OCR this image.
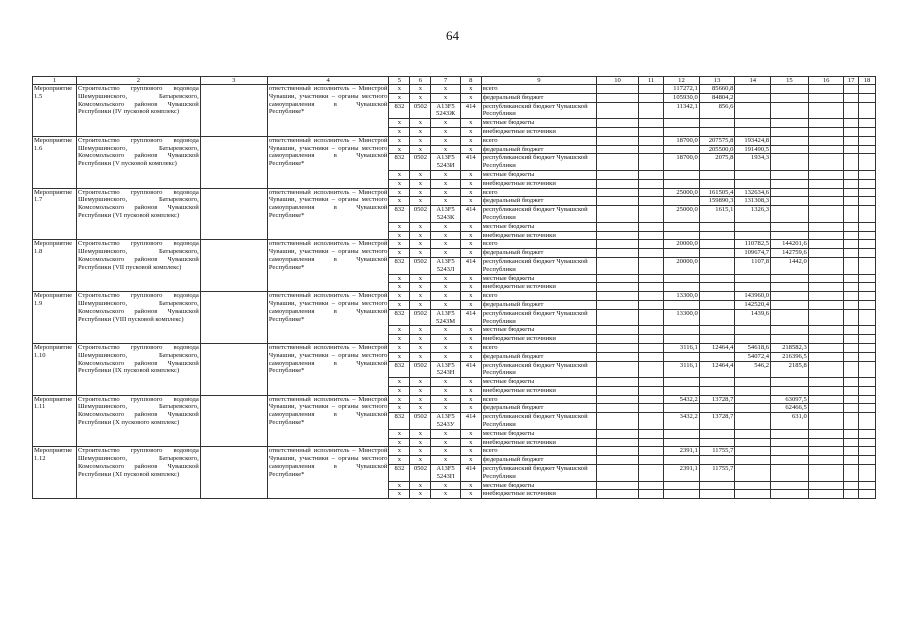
64
1	2	3	4	5	6	7	8	9	10	11	12	13	14	15	16	17	18
Мероприятие 1.5	Строительство группового водовода Шемуршинского, Батыревского, Комсомольского районов Чувашской Республики (IV пусковой комплекс)		ответственный исполнитель – Минстрой Чувашии, участники – органы местного самоуправления в Чувашской Республике*	x	x	x	x	всего			117272,1	85660,8					
				x	x	x	x	федеральный бюджет			105930,0	84804,2					
				832	0502	А13F5 5243Ж	414	республиканский бюджет Чувашской Республики			11342,1	856,6					
				x	x	x	x	местные бюджеты									
				x	x	x	x	внебюджетные источники									
Мероприятие 1.6	Строительство группового водовода Шемуршинского, Батыревского, Комсомольского районов Чувашской Республики (V пусковой комплекс)		ответственный исполнитель – Минстрой Чувашии, участники – органы местного самоуправления в Чувашской Республике*	x	x	x	x	всего			18700,0	207575,8	193424,8				
				x	x	x	x	федеральный бюджет				205500,0	191490,5				
				832	0502	А13F5 5243И	414	республиканский бюджет Чувашской Республики			18700,0	2075,8	1934,3				
				x	x	x	x	местные бюджеты									
				x	x	x	x	внебюджетные источники									
Мероприятие 1.7	Строительство группового водовода Шемуршинского, Батыревского, Комсомольского районов Чувашской Республики (VI пусковой комплекс)		ответственный исполнитель – Минстрой Чувашии, участники – органы местного самоуправления в Чувашской Республике*	x	x	x	x	всего			25000,0	161505,4	132634,6				
				x	x	x	x	федеральный бюджет				159890,3	131308,3				
				832	0502	А13F5 5243К	414	республиканский бюджет Чувашской Республики			25000,0	1615,1	1326,3				
				x	x	x	x	местные бюджеты									
				x	x	x	x	внебюджетные источники									
Мероприятие 1.8	Строительство группового водовода Шемуршинского, Батыревского, Комсомольского районов Чувашской Республики (VII пусковой комплекс)		ответственный исполнитель – Минстрой Чувашии, участники – органы местного самоуправления в Чувашской Республике*	x	x	x	x	всего			20000,0		110782,5	144201,6			
				x	x	x	x	федеральный бюджет					109674,7	142759,6			
				832	0502	А13F5 5243Л	414	республиканский бюджет Чувашской Республики			20000,0		1107,8	1442,0			
				x	x	x	x	местные бюджеты									
				x	x	x	x	внебюджетные источники									
Мероприятие 1.9	Строительство группового водовода Шемуршинского, Батыревского, Комсомольского районов Чувашской Республики (VIII пусковой комплекс)		ответственный исполнитель – Минстрой Чувашии, участники – органы местного самоуправления в Чувашской Республике*	x	x	x	x	всего			13300,0		143960,0				
				x	x	x	x	федеральный бюджет					142520,4				
				832	0502	А13F5 5243М	414	республиканский бюджет Чувашской Республики			13300,0		1439,6				
				x	x	x	x	местные бюджеты									
				x	x	x	x	внебюджетные источники									
Мероприятие 1.10	Строительство группового водовода Шемуршинского, Батыревского, Комсомольского районов Чувашской Республики (IX пусковой комплекс)		ответственный исполнитель – Минстрой Чувашии, участники – органы местного самоуправления в Чувашской Республике*	x	x	x	x	всего			3116,1	12464,4	54618,6	218582,3			
				x	x	x	x	федеральный бюджет					54072,4	216396,5			
				832	0502	А13F5 5243Н	414	республиканский бюджет Чувашской Республики			3116,1	12464,4	546,2	2185,8			
				x	x	x	x	местные бюджеты									
				x	x	x	x	внебюджетные источники									
Мероприятие 1.11	Строительство группового водовода Шемуршинского, Батыревского, Комсомольского районов Чувашской Республики (X пускового комплекс)		ответственный исполнитель – Минстрой Чувашии, участники – органы местного самоуправления в Чувашской Республике*	x	x	x	x	всего			5432,2	13728,7		63097,5			
				x	x	x	x	федеральный бюджет						62466,5			
				832	0502	А13F5 5243У	414	республиканский бюджет Чувашской Республики			3432,2	13728,7		631,0			
				x	x	x	x	местные бюджеты									
				x	x	x	x	внебюджетные источники									
Мероприятие 1.12	Строительство группового водовода Шемуршинского, Батыревского, Комсомольского районов Чувашской Республики (XI пусковой комплекс)		ответственный исполнитель – Минстрой Чувашии, участники – органы местного самоуправления в Чувашской Республике*	x	x	x	x	всего			2391,1	11755,7					
				x	x	x	x	федеральный бюджет									
				832	0502	А13F5 5243П	414	республиканский бюджет Чувашской Республики			2391,1	11755,7					
				x	x	x	x	местные бюджеты									
				x	x	x	x	внебюджетные источники									
